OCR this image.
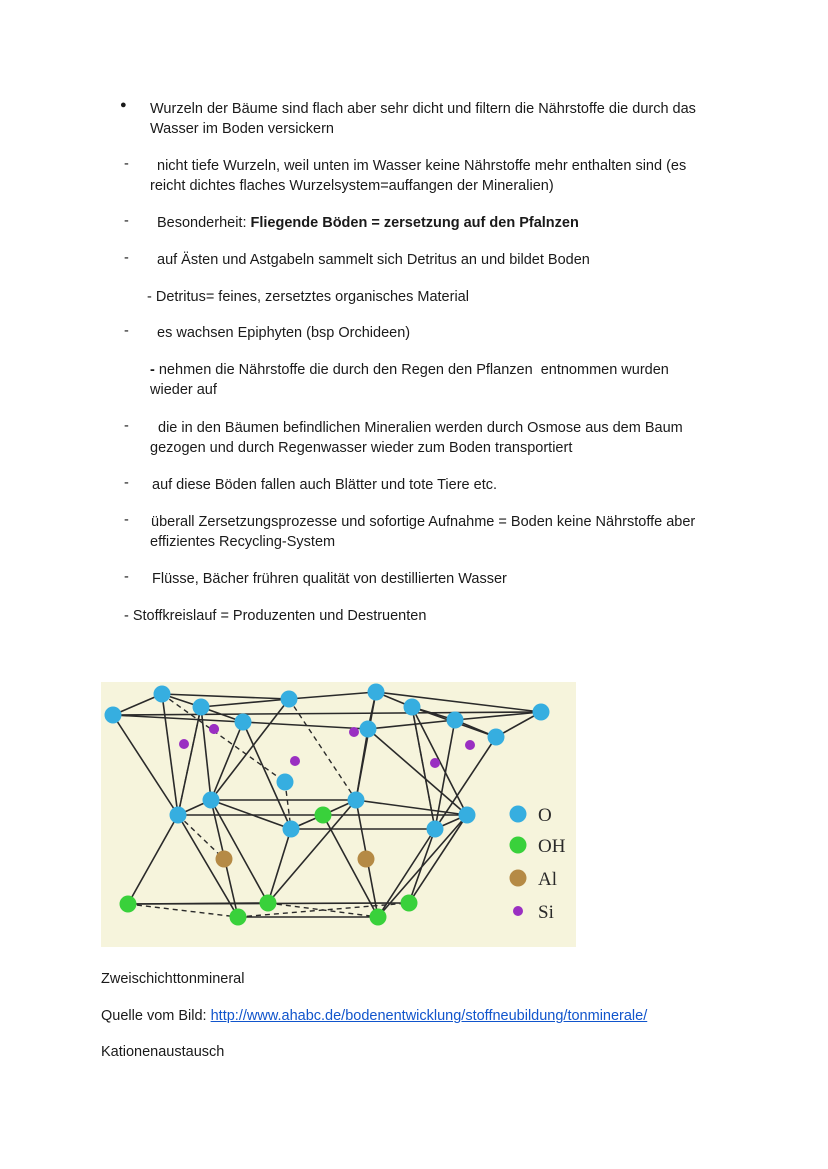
● Wurzeln der Bäume sind flach aber sehr dicht und filtern die Nährstoffe die durch das
Wasser im Boden versickern
- nicht tiefe Wurzeln, weil unten im Wasser keine Nährstoffe mehr enthalten sind (es
reicht dichtes flaches Wurzelsystem=auffangen der Mineralien)
- Besonderheit: Fliegende Böden = zersetzung auf den Pfalnzen
- auf Ästen und Astgabeln sammelt sich Detritus an und bildet Boden
- Detritus= feines, zersetztes organisches Material
- es wachsen Epiphyten (bsp Orchideen)
- nehmen die Nährstoffe die durch den Regen den Pflanzen  entnommen wurden
wieder auf
- die in den Bäumen befindlichen Mineralien werden durch Osmose aus dem Baum
gezogen und durch Regenwasser wieder zum Boden transportiert
- auf diese Böden fallen auch Blätter und tote Tiere etc.
- überall Zersetzungsprozesse und sofortige Aufnahme = Boden keine Nährstoffe aber
effizientes Recycling-System
- Flüsse, Bächer frühren qualität von destillierten Wasser
- Stoffkreislauf = Produzenten und Destruenten
O
OH
Al
Si
Zweischichttonmineral
Quelle vom Bild: http://www.ahabc.de/bodenentwicklung/stoffneubildung/tonminerale/
Kationenaustausch
